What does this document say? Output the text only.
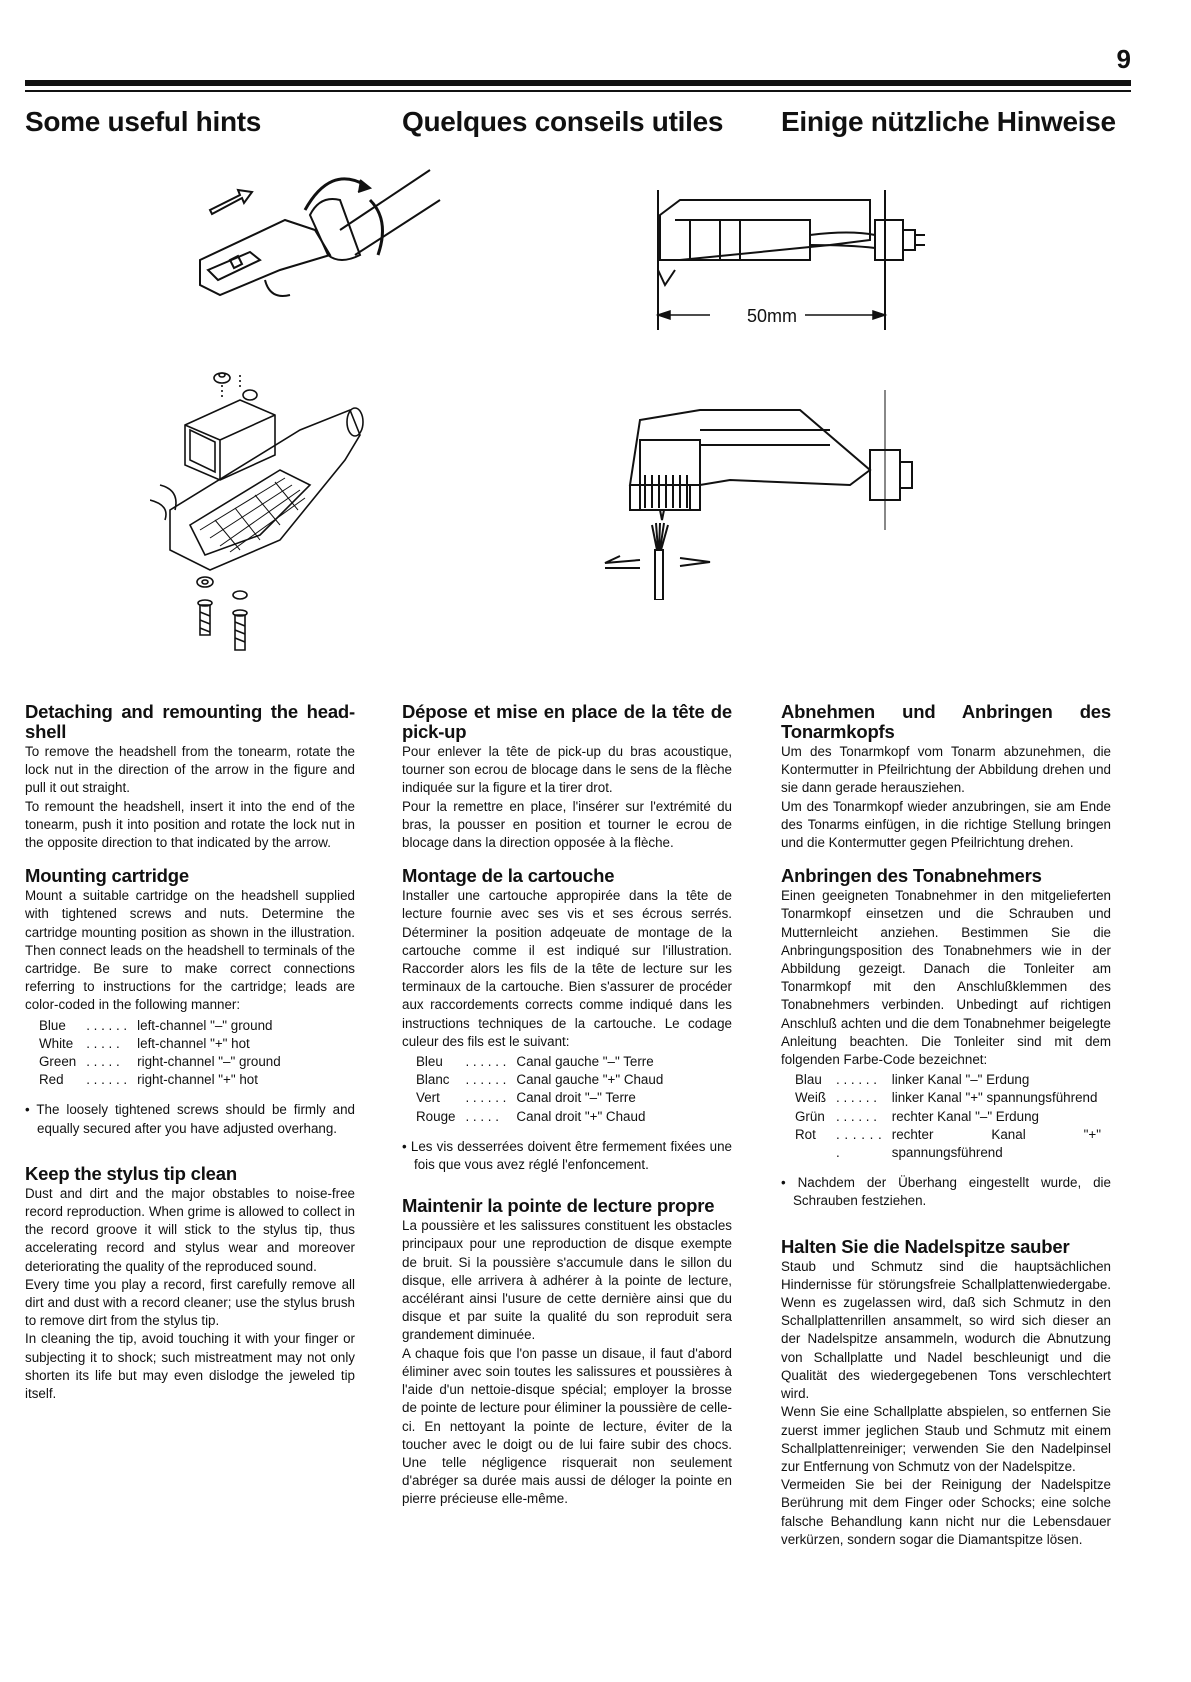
9
Some useful hints	Quelques conseils utiles Einige nützliche Hinweise
50mm
Detaching and remounting the head-shell

To remove the headshell from the tonearm, rotate the lock nut in the direction of the arrow in the figure and pull it out straight.

To remount the headshell, insert it into the end of the tonearm, push it into position and rotate the lock nut in the opposite direction to that indicated by the arrow.

Mounting cartridge

Mount a suitable cartridge on the headshell supplied with tightened screws and nuts. Determine the cartridge mounting position as shown in the illustration. Then connect leads on the headshell to terminals of the cartridge. Be sure to make correct connections referring to instructions for the cartridge; leads are color-coded in the following manner:

Blue	. . . . . .	left-channel "–" ground
White	. . . . .	left-channel "+" hot
Green	. . . . .	right-channel "–" ground
Red	. . . . . .	right-channel "+" hot

• The loosely tightened screws should be firmly and equally secured after you have adjusted overhang.

Keep the stylus tip clean

Dust and dirt and the major obstables to noise-free record reproduction. When grime is allowed to collect in the record groove it will stick to the stylus tip, thus accelerating record and stylus wear and moreover deteriorating the quality of the reproduced sound.

Every time you play a record, first carefully remove all dirt and dust with a record cleaner; use the stylus brush to remove dirt from the stylus tip.

In cleaning the tip, avoid touching it with your finger or subjecting it to shock; such mistreatment may not only shorten its life but may even dislodge the jeweled tip itself.

Dépose et mise en place de la tête de pick-up

Pour enlever la tête de pick-up du bras acoustique, tourner son ecrou de blocage dans le sens de la flèche indiquée sur la figure et la tirer drot.

Pour la remettre en place, l'insérer sur l'extrémité du bras, la pousser en position et tourner le ecrou de blocage dans la direction opposée à la flèche.

Montage de la cartouche

Installer une cartouche appropirée dans la tête de lecture fournie avec ses vis et ses écrous serrés. Déterminer la position adqeuate de montage de la cartouche comme il est indiqué sur l'illustration. Raccorder alors les fils de la tête de lecture sur les terminaux de la cartouche. Bien s'assurer de procéder aux raccordements corrects comme indiqué dans les instructions techniques de la cartouche. Le codage culeur des fils est le suivant:

Bleu	. . . . . .	Canal gauche "–" Terre
Blanc	. . . . . .	Canal gauche "+" Chaud
Vert	. . . . . .	Canal droit "–" Terre
Rouge	. . . . .	Canal droit "+" Chaud

• Les vis desserrées doivent être fermement fixées une fois que vous avez réglé l'enfoncement.

Maintenir la pointe de lecture propre

La poussière et les salissures constituent les obstacles principaux pour une reproduction de disque exempte de bruit. Si la poussière s'accumule dans le sillon du disque, elle arrivera à adhérer à la pointe de lecture, accélérant ainsi l'usure de cette dernière ainsi que du disque et par suite la qualité du son reproduit sera grandement diminuée.

A chaque fois que l'on passe un disaue, il faut d'abord éliminer avec soin toutes les salissures et poussières à l'aide d'un nettoie-disque spécial; employer la brosse de pointe de lecture pour éliminer la poussière de celle-ci. En nettoyant la pointe de lecture, éviter de la toucher avec le doigt ou de lui faire subir des chocs. Une telle négligence risquerait non seulement d'abréger sa durée mais aussi de déloger la pointe en pierre précieuse elle-même.

Abnehmen und Anbringen des Tonarmkopfs

Um des Tonarmkopf vom Tonarm abzunehmen, die Kontermutter in Pfeilrichtung der Abbildung drehen und sie dann gerade herausziehen.

Um des Tonarmkopf wieder anzubringen, sie am Ende des Tonarms einfügen, in die richtige Stellung bringen und die Kontermutter gegen Pfeilrichtung drehen.

Anbringen des Tonabnehmers

Einen geeigneten Tonabnehmer in den mitgelieferten Tonarmkopf einsetzen und die Schrauben und Mutternleicht anziehen. Bestimmen Sie die Anbringungsposition des Tonabnehmers wie in der Abbildung gezeigt. Danach die Tonleiter am Tonarmkopf mit den Anschlußklemmen des Tonabnehmers verbinden. Unbedingt auf richtigen Anschluß achten und die dem Tonabnehmer beigelegte Anleitung beachten. Die Tonleiter sind mit dem folgenden Farbe-Code bezeichnet:

Blau	. . . . . .	linker Kanal "–" Erdung
Weiß	. . . . . .	linker Kanal "+" spannungsführend
Grün	. . . . . .	rechter Kanal "–" Erdung
Rot	. . . . . . .	rechter Kanal "+" spannungsführend

• Nachdem der Überhang eingestellt wurde, die Schrauben festziehen.

Halten Sie die Nadelspitze sauber

Staub und Schmutz sind die hauptsächlichen Hindernisse für störungsfreie Schallplattenwiedergabe. Wenn es zugelassen wird, daß sich Schmutz in den Schallplattenrillen ansammelt, so wird sich dieser an der Nadelspitze ansammeln, wodurch die Abnutzung von Schallplatte und Nadel beschleunigt und die Qualität des wiedergegebenen Tons verschlechtert wird.

Wenn Sie eine Schallplatte abspielen, so entfernen Sie zuerst immer jeglichen Staub und Schmutz mit einem Schallplattenreiniger; verwenden Sie den Nadelpinsel zur Entfernung von Schmutz von der Nadelspitze.

Vermeiden Sie bei der Reinigung der Nadelspitze Berührung mit dem Finger oder Schocks; eine solche falsche Behandlung kann nicht nur die Lebensdauer verkürzen, sondern sogar die Diamantspitze lösen.
